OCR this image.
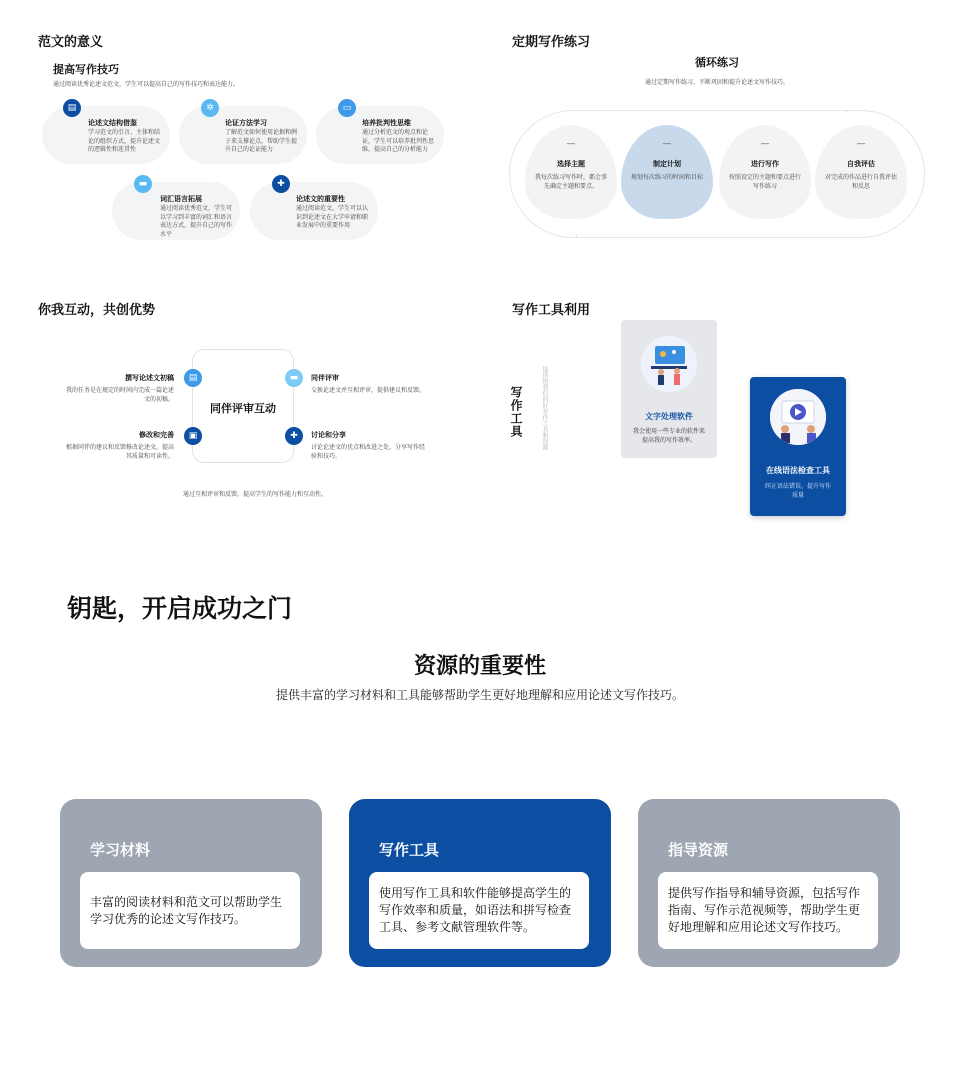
范文的意义
提高写作技巧
通过阅读优秀论述文范文，学生可以提高自己的写作技巧和表达能力。
论述文结构借鉴
学习范文的引言、主体和结论的组织方式，提升论述文的逻辑性和连贯性
▤
论证方法学习
了解范文如何使用论据和例子来支撑论点，帮助学生提升自己的论证能力
✲
培养批判性思维
通过分析范文的观点和论证，学生可以培养批判性思维，提高自己的分析能力
▭
词汇语言拓展
通过阅读优秀范文，学生可以学习到丰富的词汇和语言表达方式，提升自己的写作水平
▬
论述文的重要性
通过阅读范文，学生可以认识到论述文在大学申请和职业发展中的重要作用
✚
定期写作练习
循环练习
通过定期写作练习，不断巩固和提升论述文写作技巧。
›
‹
—
选择主题
我每次练习写作时，都会事先确定主题和要点。
—
制定计划
规划每次练习的时间和目标
—
进行写作
按照设定的主题和要点进行写作练习
—
自我评估
对完成的作品进行自我评估和反思
你我互动，共创优势
同伴评审互动
撰写论述文初稿
我的任务是在规定的时间内完成一篇论述文的初稿。
▤	同伴评审
交换论述文并互相评审，提供建议和反馈。
▬
修改和完善
根据同伴的建议和反馈修改论述文，提高其质量和可读性。
▣	讨论和分享
讨论论述文的优点和改进之处，分享写作经验和技巧。
✚
通过互相评审和反馈，提高学生的写作能力和互动性。
写作工具利用
写作工具	提供给我们的好写作工具和资源	文字处理软件
我会使用一些专业的软件来提高我的写作效率。
在线语法检查工具
纠正语法错误，提升写作质量
钥匙，开启成功之门
资源的重要性
提供丰富的学习材料和工具能够帮助学生更好地理解和应用论述文写作技巧。
学习材料
丰富的阅读材料和范文可以帮助学生学习优秀的论述文写作技巧。
写作工具
使用写作工具和软件能够提高学生的写作效率和质量，如语法和拼写检查工具、参考文献管理软件等。
指导资源
提供写作指导和辅导资源，包括写作指南、写作示范视频等，帮助学生更好地理解和应用论述文写作技巧。
